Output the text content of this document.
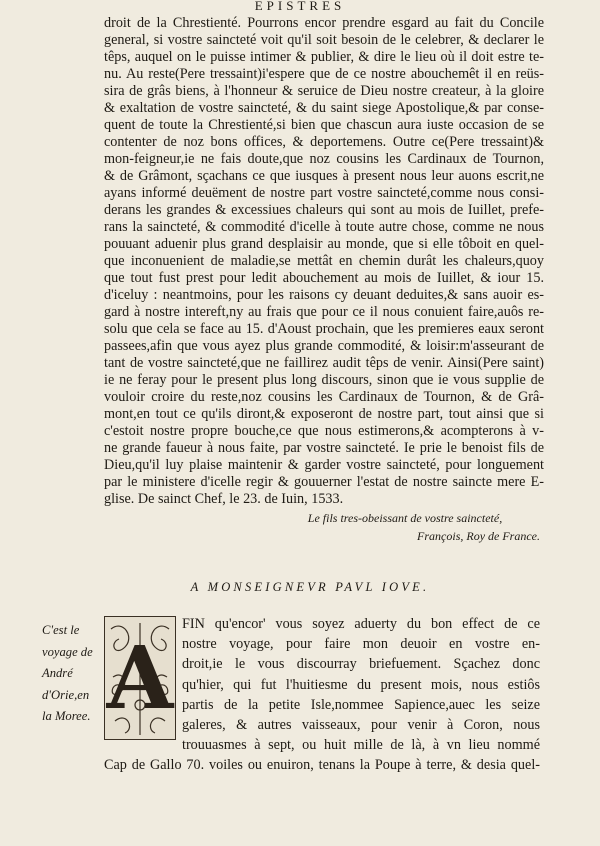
EPISTRES
droit de la Chrestienté. Pourrons encor prendre esgard au fait du Concile
general, si vostre saincteté voit qu'il soit besoin de le celebrer, & declarer le
têps, auquel on le puisse intimer & publier, & dire le lieu où il doit estre te-
nu. Au reste(Pere tressaint)i'espere que de ce nostre abouchemêt il en reüs-
sira de grâs biens, à l'honneur & seruice de Dieu nostre createur, à la gloire
& exaltation de vostre saincteté, & du saint siege Apostolique,& par conse-
quent de toute la Chrestienté,si bien que chascun aura iuste occasion de se
contenter de noz bons offices, & deportemens. Outre ce(Pere tressaint)&
mon-feigneur,ie ne fais doute,que noz cousins les Cardinaux de Tournon,
& de Grâmont, sçachans ce que iusques à present nous leur auons escrit,ne
ayans informé deuëment de nostre part vostre saincteté,comme nous consi-
derans les grandes & excessiues chaleurs qui sont au mois de Iuillet, prefe-
rans la saincteté, & commodité d'icelle à toute autre chose, comme ne nous
pouuant aduenir plus grand desplaisir au monde, que si elle tôboit en quel-
que inconuenient de maladie,se mettât en chemin durât les chaleurs,quoy
que tout fust prest pour ledit abouchement au mois de Iuillet, & iour 15.
d'iceluy : neantmoins, pour les raisons cy deuant deduites,& sans auoir es-
gard à nostre intereft,ny au frais que pour ce il nous conuient faire,auôs re-
solu que cela se face au 15. d'Aoust prochain, que les premieres eaux seront
passees,afin que vous ayez plus grande commodité, & loisir:m'asseurant de
tant de vostre saincteté,que ne faillirez audit têps de venir. Ainsi(Pere saint)
ie ne feray pour le present plus long discours, sinon que ie vous supplie de
vouloir croire du reste,noz cousins les Cardinaux de Tournon, & de Grâ-
mont,en tout ce qu'ils diront,& exposeront de nostre part, tout ainsi que si
c'estoit nostre propre bouche,ce que nous estimerons,& acompterons à v-
ne grande faueur à nous faite, par vostre saincteté. Ie prie le benoist fils de
Dieu,qu'il luy plaise maintenir & garder vostre saincteté, pour longuement
par le ministere d'icelle regir & gouuerner l'estat de nostre saincte mere E-
glise. De sainct Chef, le 23. de Iuin, 1533.
Le fils tres-obeissant de vostre saincteté,
François, Roy de France.
A MONSEIGNEVR PAVL IOVE.
C'est le
voyage de
André
d'Orie,en
la Moree. A
FIN qu'encor' vous soyez aduerty du bon effect de ce
nostre voyage, pour faire mon deuoir en vostre en-
droit,ie le vous discourray briefuement. Sçachez donc
qu'hier, qui fut l'huitiesme du present mois, nous estiôs
partis de la petite Isle,nommee Sapience,auec les seize
galeres, & autres vaisseaux, pour venir à Coron, nous
trouuasmes à sept, ou huit mille de là, à vn lieu nommé
Cap de Gallo 70. voiles ou enuiron, tenans la Poupe à terre, & desia quel-
